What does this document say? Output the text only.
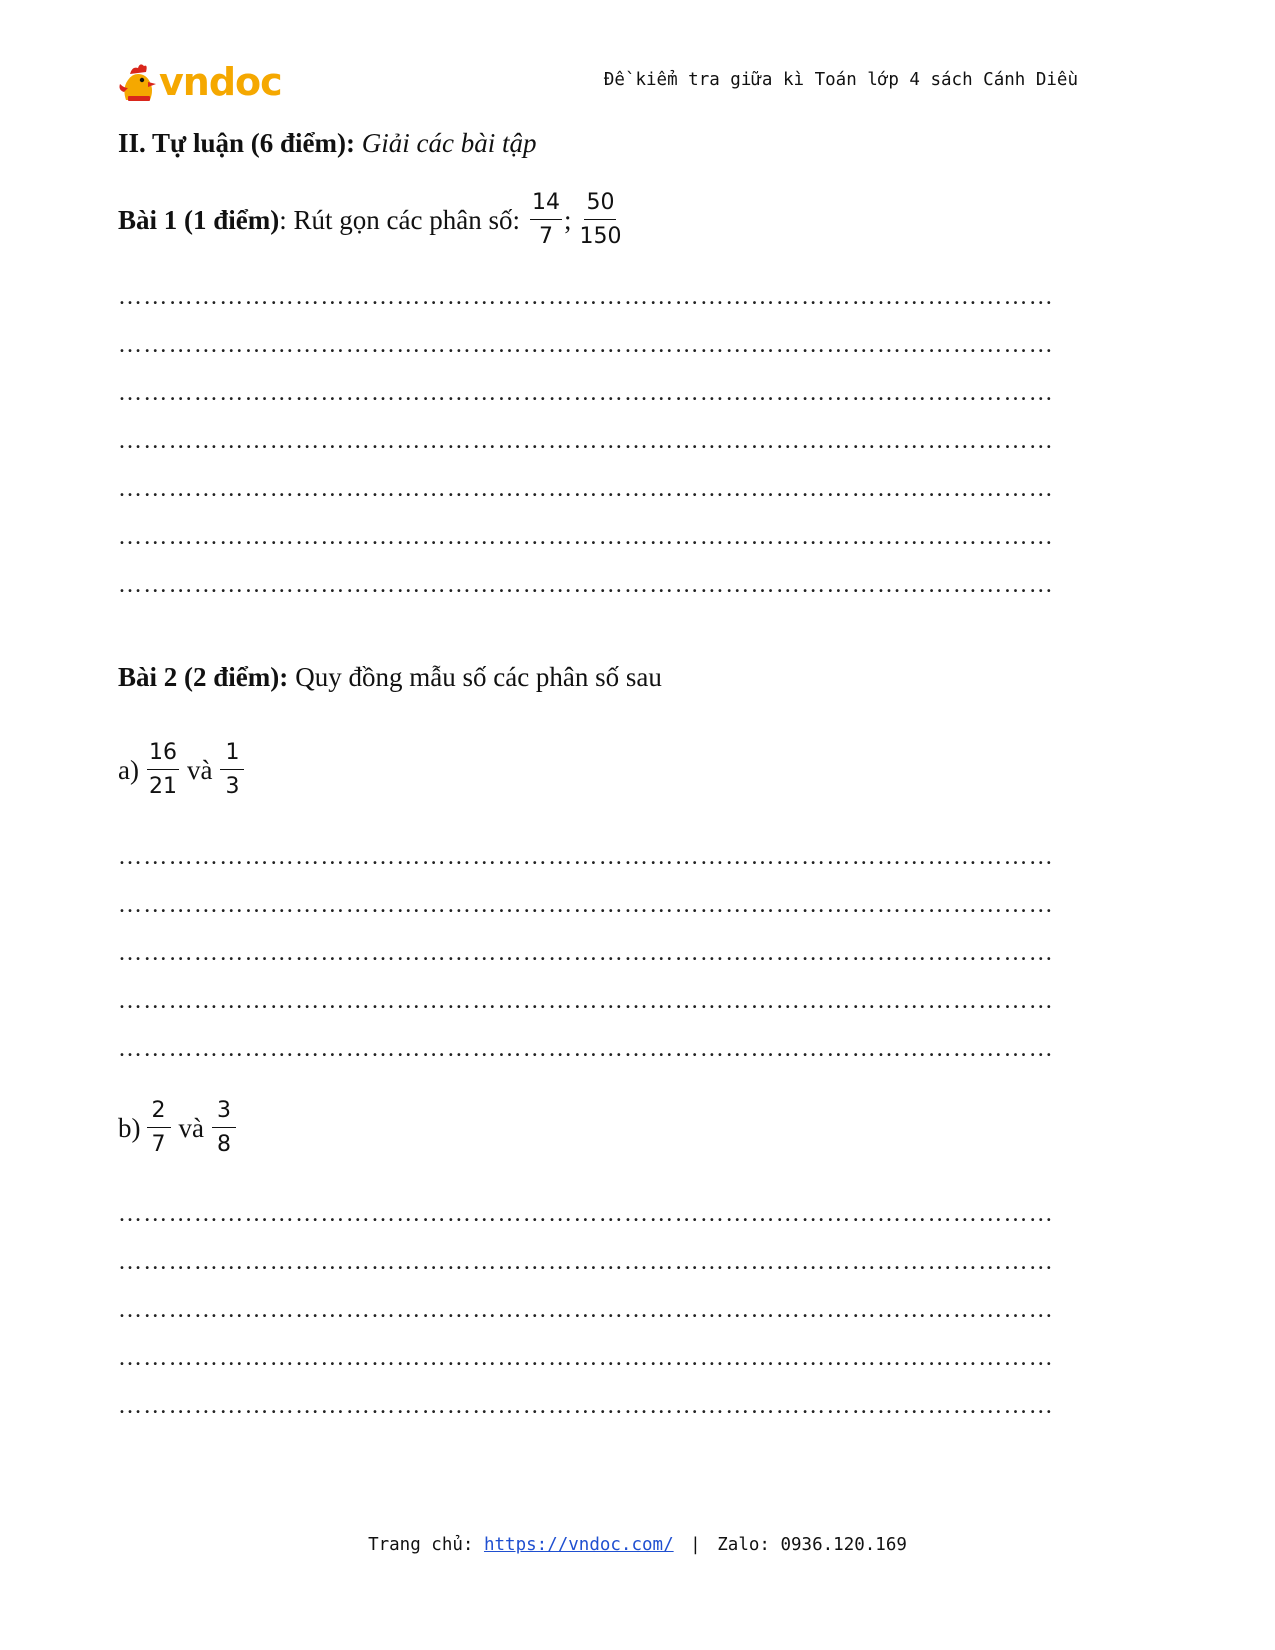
vndoc	Đề kiểm tra giữa kì Toán lớp 4 sách Cánh Diều
II. Tự luận (6 điểm): Giải các bài tập
Bài 1 (1 điểm) : Rút gọn các phân số: $\frac{14}{7}$ ; $\frac{50}{150}$
…………………………………………………………………………………………………
…………………………………………………………………………………………………
…………………………………………………………………………………………………
…………………………………………………………………………………………………
…………………………………………………………………………………………………
…………………………………………………………………………………………………
…………………………………………………………………………………………………
Bài 2 (2 điểm): Quy đồng mẫu số các phân số sau
$a) \frac{16}{21}$ và $\frac{1}{3}$
…………………………………………………………………………………………………
…………………………………………………………………………………………………
…………………………………………………………………………………………………
…………………………………………………………………………………………………
…………………………………………………………………………………………………
$b) \frac{2}{7}$ và $\frac{3}{8}$
…………………………………………………………………………………………………
…………………………………………………………………………………………………
…………………………………………………………………………………………………
…………………………………………………………………………………………………
…………………………………………………………………………………………………
Trang chủ: https://vndoc.com/ | Zalo: 0936.120.169
